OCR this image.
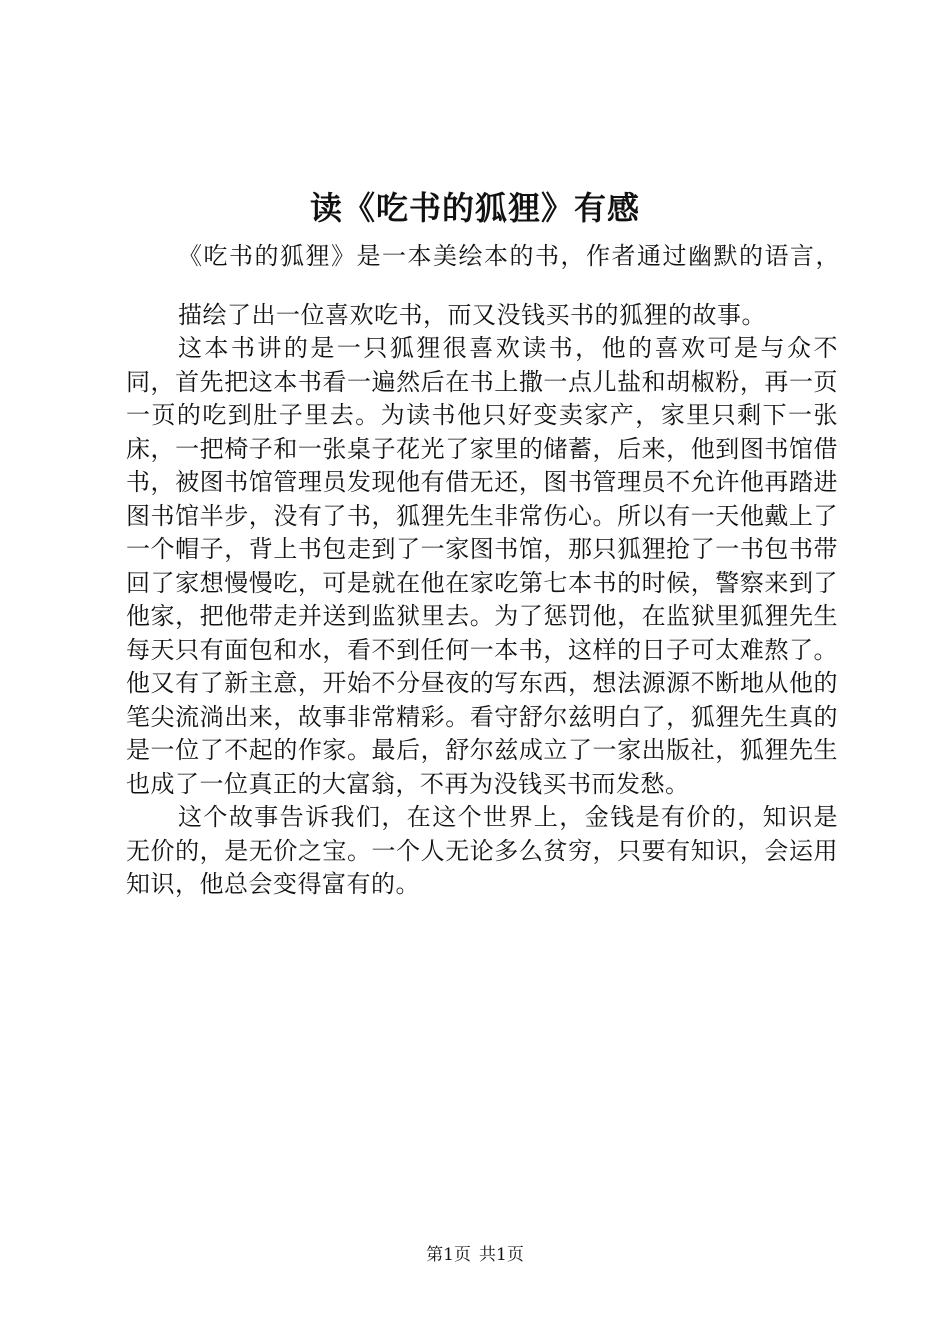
读《吃书的狐狸》有感

《吃书的狐狸》是一本美绘本的书，作者通过幽默的语言，

描绘了出一位喜欢吃书，而又没钱买书的狐狸的故事。

这本书讲的是一只狐狸很喜欢读书，他的喜欢可是与众不同，首先把这本书看一遍然后在书上撒一点儿盐和胡椒粉，再一页一页的吃到肚子里去。为读书他只好变卖家产，家里只剩下一张床，一把椅子和一张桌子花光了家里的储蓄，后来，他到图书馆借书，被图书馆管理员发现他有借无还，图书管理员不允许他再踏进图书馆半步，没有了书，狐狸先生非常伤心。所以有一天他戴上了一个帽子，背上书包走到了一家图书馆，那只狐狸抢了一书包书带回了家想慢慢吃，可是就在他在家吃第七本书的时候，警察来到了他家，把他带走并送到监狱里去。为了惩罚他，在监狱里狐狸先生每天只有面包和水，看不到任何一本书，这样的日子可太难熬了。他又有了新主意，开始不分昼夜的写东西，想法源源不断地从他的笔尖流淌出来，故事非常精彩。看守舒尔兹明白了，狐狸先生真的是一位了不起的作家。最后，舒尔兹成立了一家出版社，狐狸先生也成了一位真正的大富翁，不再为没钱买书而发愁。

这个故事告诉我们，在这个世界上，金钱是有价的，知识是无价的，是无价之宝。一个人无论多么贫穷，只要有知识，会运用知识，他总会变得富有的。

第1页 共1页
